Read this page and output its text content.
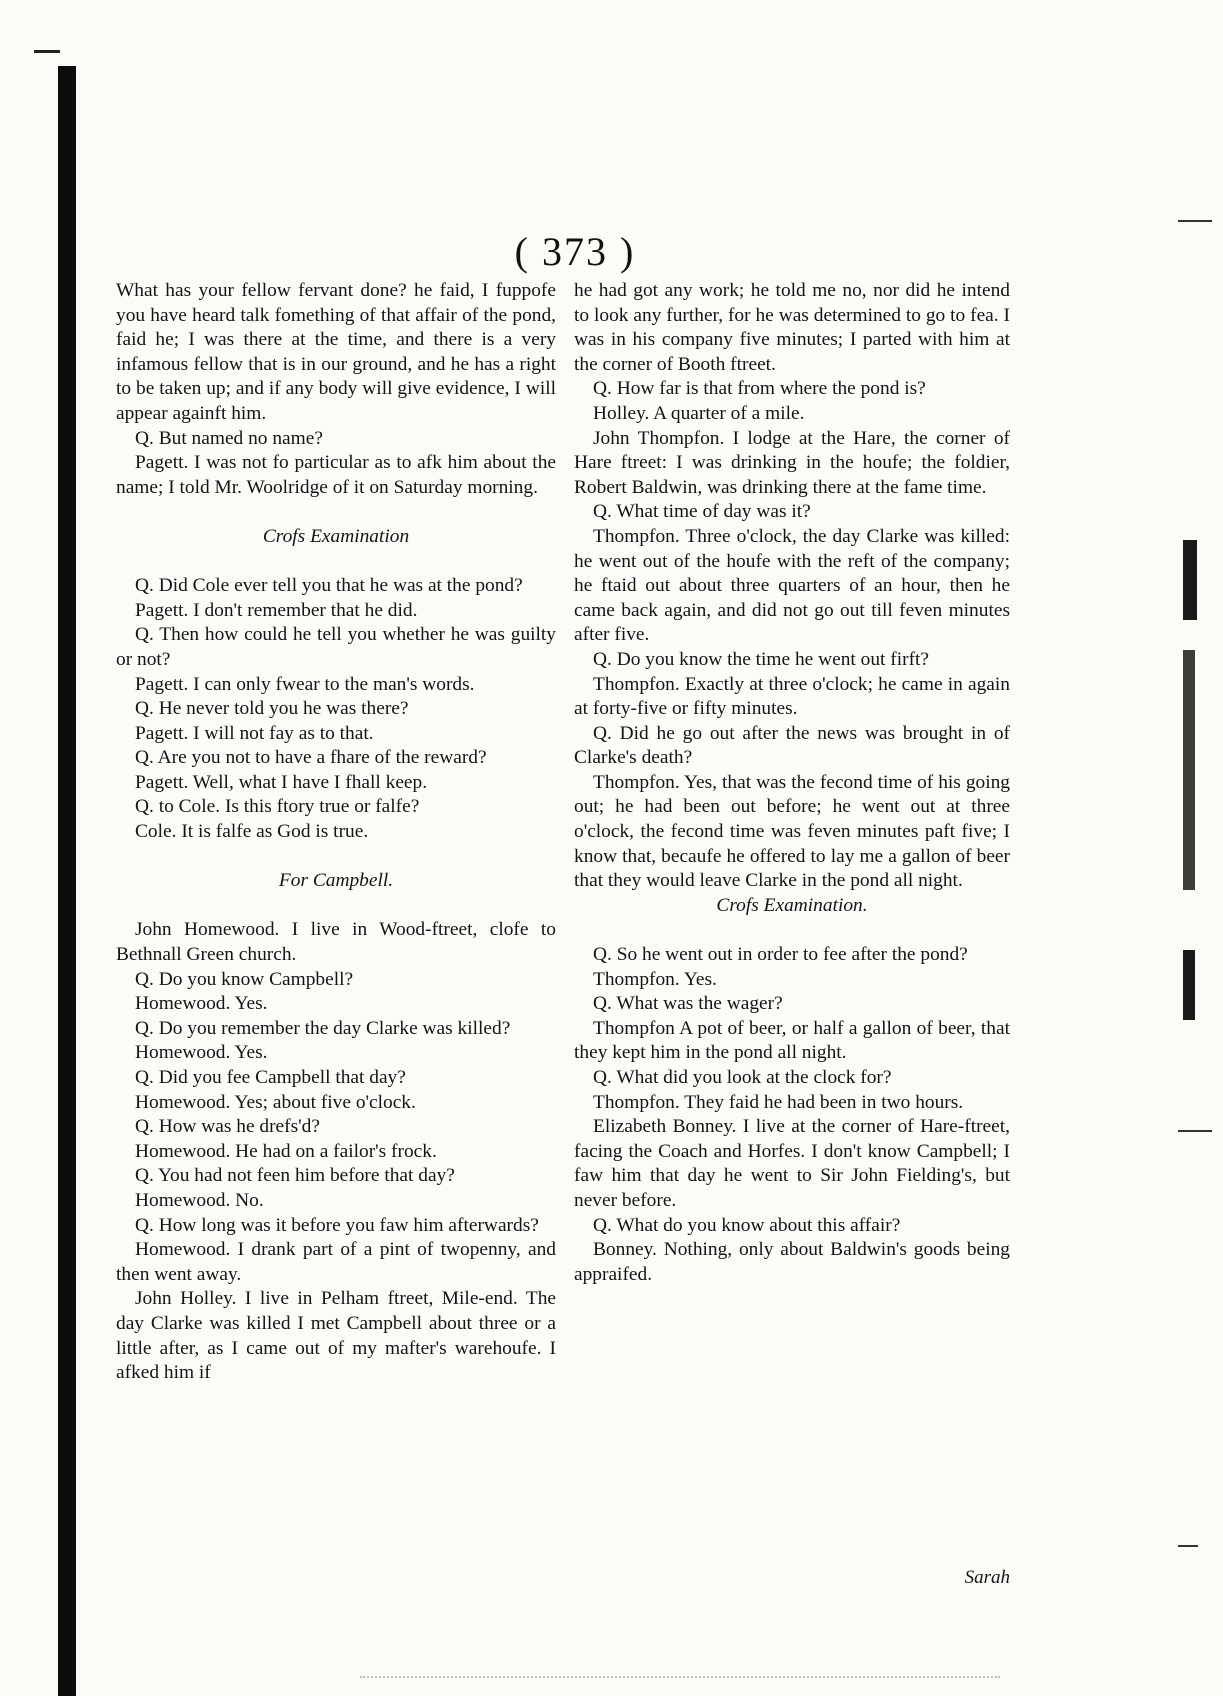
( 373 )

What has your fellow fervant done? he faid, I fuppofe you have heard talk fomething of that affair of the pond, faid he; I was there at the time, and there is a very infamous fellow that is in our ground, and he has a right to be taken up; and if any body will give evidence, I will appear againft him.

Q. But named no name?

Pagett. I was not fo particular as to afk him about the name; I told Mr. Woolridge of it on Saturday morning.

Crofs Examination

Q. Did Cole ever tell you that he was at the pond?

Pagett. I don't remember that he did.

Q. Then how could he tell you whether he was guilty or not?

Pagett. I can only fwear to the man's words.

Q. He never told you he was there?

Pagett. I will not fay as to that.

Q. Are you not to have a fhare of the reward?

Pagett. Well, what I have I fhall keep.

Q. to Cole. Is this ftory true or falfe?

Cole. It is falfe as God is true.

For Campbell.

John Homewood. I live in Wood-ftreet, clofe to Bethnall Green church.

Q. Do you know Campbell?

Homewood. Yes.

Q. Do you remember the day Clarke was killed?

Homewood. Yes.

Q. Did you fee Campbell that day?

Homewood. Yes; about five o'clock.

Q. How was he drefs'd?

Homewood. He had on a failor's frock.

Q. You had not feen him before that day?

Homewood. No.

Q. How long was it before you faw him afterwards?

Homewood. I drank part of a pint of twopenny, and then went away.

John Holley. I live in Pelham ftreet, Mile-end. The day Clarke was killed I met Campbell about three or a little after, as I came out of my mafter's warehoufe. I afked him if

he had got any work; he told me no, nor did he intend to look any further, for he was determined to go to fea. I was in his company five minutes; I parted with him at the corner of Booth ftreet.

Q. How far is that from where the pond is?

Holley. A quarter of a mile.

John Thompfon. I lodge at the Hare, the corner of Hare ftreet: I was drinking in the houfe; the foldier, Robert Baldwin, was drinking there at the fame time.

Q. What time of day was it?

Thompfon. Three o'clock, the day Clarke was killed: he went out of the houfe with the reft of the company; he ftaid out about three quarters of an hour, then he came back again, and did not go out till feven minutes after five.

Q. Do you know the time he went out firft?

Thompfon. Exactly at three o'clock; he came in again at forty-five or fifty minutes.

Q. Did he go out after the news was brought in of Clarke's death?

Thompfon. Yes, that was the fecond time of his going out; he had been out before; he went out at three o'clock, the fecond time was feven minutes paft five; I know that, becaufe he offered to lay me a gallon of beer that they would leave Clarke in the pond all night.

Crofs Examination.

Q. So he went out in order to fee after the pond?

Thompfon. Yes.

Q. What was the wager?

Thompfon A pot of beer, or half a gallon of beer, that they kept him in the pond all night.

Q. What did you look at the clock for?

Thompfon. They faid he had been in two hours.

Elizabeth Bonney. I live at the corner of Hare-ftreet, facing the Coach and Horfes. I don't know Campbell; I faw him that day he went to Sir John Fielding's, but never before.

Q. What do you know about this affair?

Bonney. Nothing, only about Baldwin's goods being appraifed.

Sarah
